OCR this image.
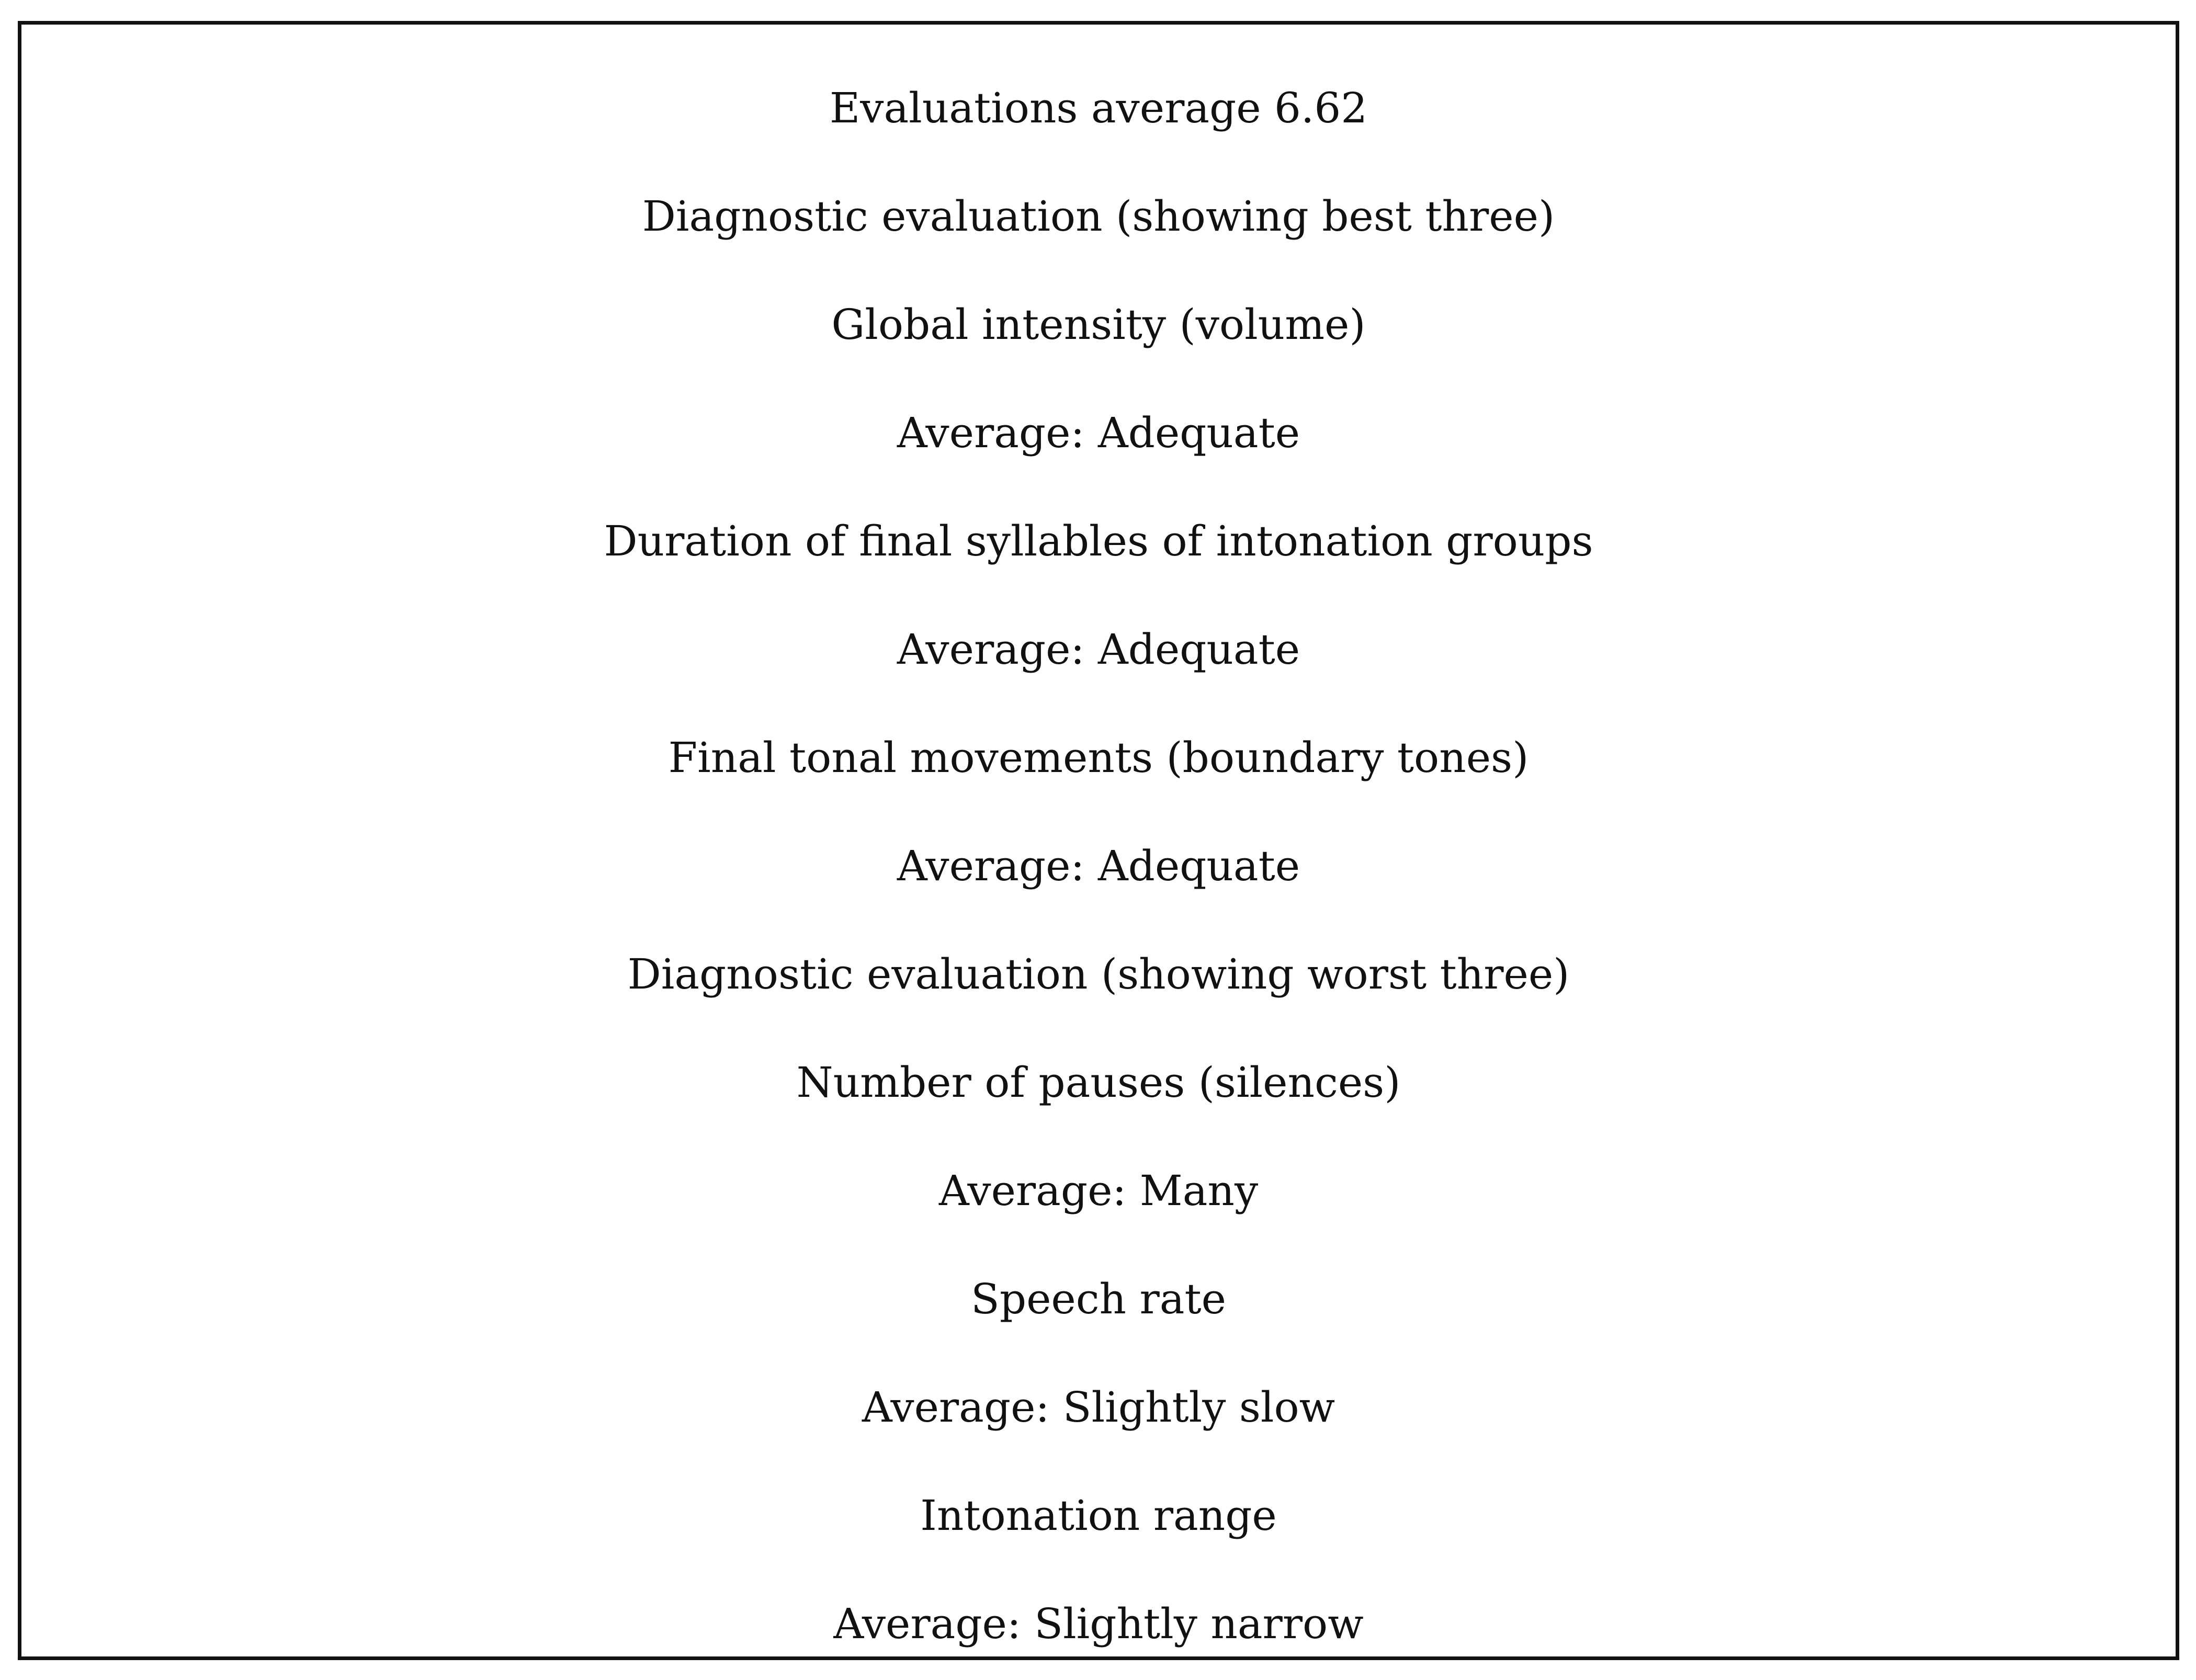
Evaluations average 6.62
Diagnostic evaluation (showing best three)
Global intensity (volume)
Average: Adequate
Duration of final syllables of intonation groups
Average: Adequate
Final tonal movements (boundary tones)
Average: Adequate
Diagnostic evaluation (showing worst three)
Number of pauses (silences)
Average: Many
Speech rate
Average: Slightly slow
Intonation range
Average: Slightly narrow
